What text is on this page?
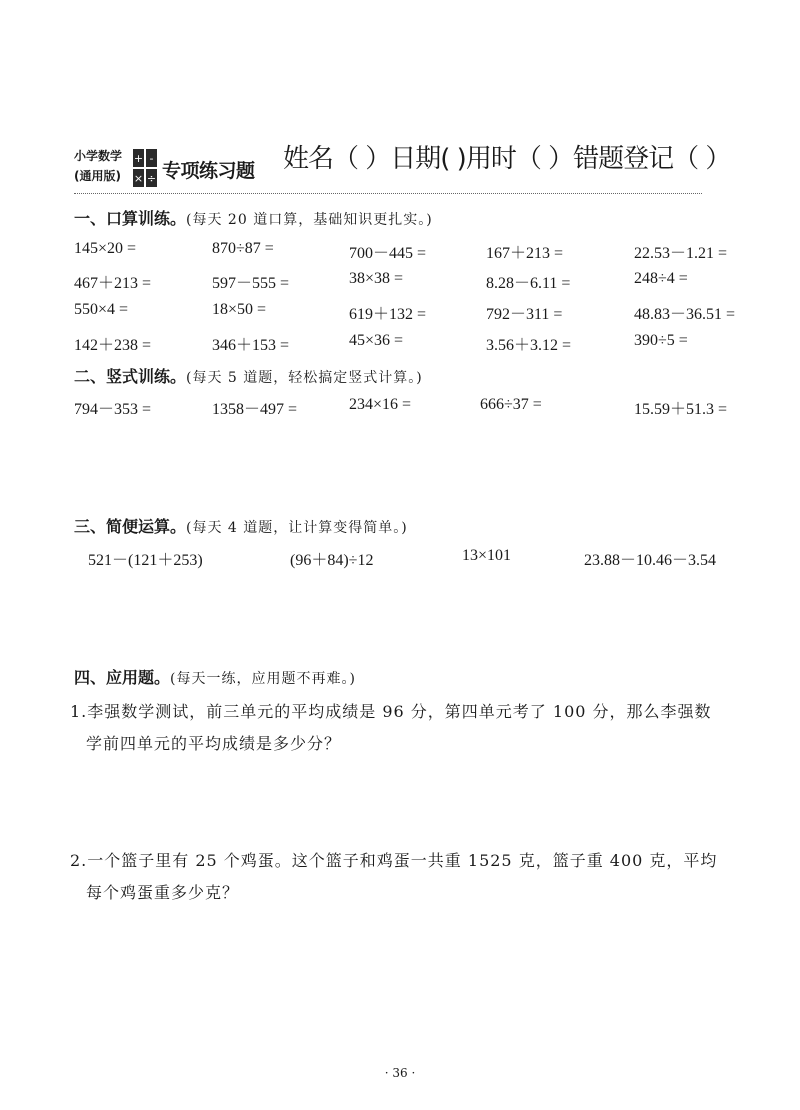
小学数学
(通用版)
+ -
× ÷ 专项练习题 姓名（ ）日期( )用时（ ）错题登记（ ）
一、口算训练。(每天 20 道口算，基础知识更扎实。)
145×20 =	870÷87 =	700－445 =	167＋213 =	22.53－1.21 =
467＋213 =	597－555 =	38×38 =	8.28－6.11 =	248÷4 =
550×4 =	18×50 =	619＋132 =	792－311 =	48.83－36.51 =
142＋238 =	346＋153 =	45×36 =	3.56＋3.12 =	390÷5 =
二、竖式训练。(每天 5 道题，轻松搞定竖式计算。)
794－353 =	1358－497 =	234×16 =	666÷37 =	15.59＋51.3 =
三、简便运算。(每天 4 道题，让计算变得简单。)
521－(121＋253)	(96＋84)÷12	13×101	23.88－10.46－3.54
四、应用题。(每天一练，应用题不再难。)
1.李强数学测试，前三单元的平均成绩是 96 分，第四单元考了 100 分，那么李强数
学前四单元的平均成绩是多少分？
2.一个篮子里有 25 个鸡蛋。这个篮子和鸡蛋一共重 1525 克，篮子重 400 克，平均
每个鸡蛋重多少克？
· 36 ·
